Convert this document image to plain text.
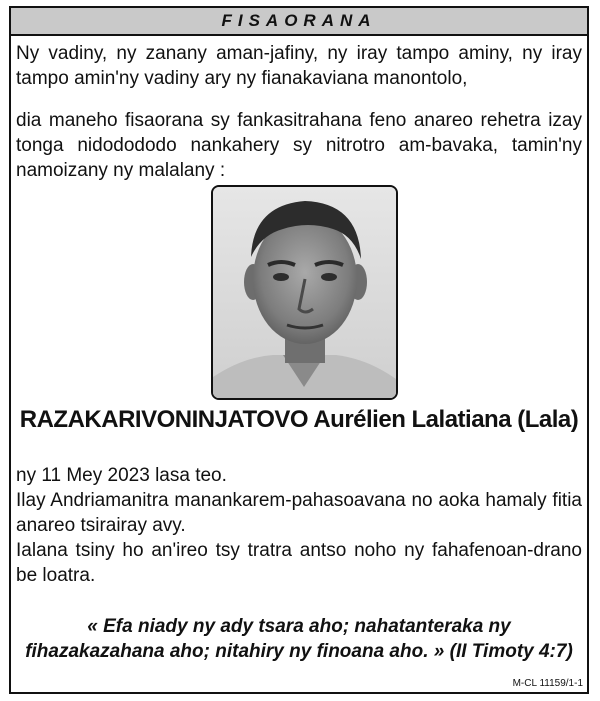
FISAORANA
Ny vadiny, ny zanany aman-jafiny, ny iray tampo aminy, ny iray tampo amin'ny vadiny ary ny fianakaviana manontolo,
dia maneho fisaorana sy fankasitrahana feno anareo rehetra izay tonga nidodododo nankahery sy nitrotro am-bavaka, tamin'ny namoizany ny malalany :
RAZAKARIVONINJATOVO Aurélien Lalatiana (Lala)
ny 11 Mey 2023 lasa teo.
Ilay Andriamanitra manankarem-pahasoavana no aoka hamaly fitia anareo tsirairay avy.
Ialana tsiny ho an'ireo tsy tratra antso noho ny fahafenoan-drano be loatra.
« Efa niady ny ady tsara aho; nahatanteraka ny fihazakazahana aho; nitahiry ny finoana aho. » (II Timoty 4:7)
M-CL 11159/1-1
